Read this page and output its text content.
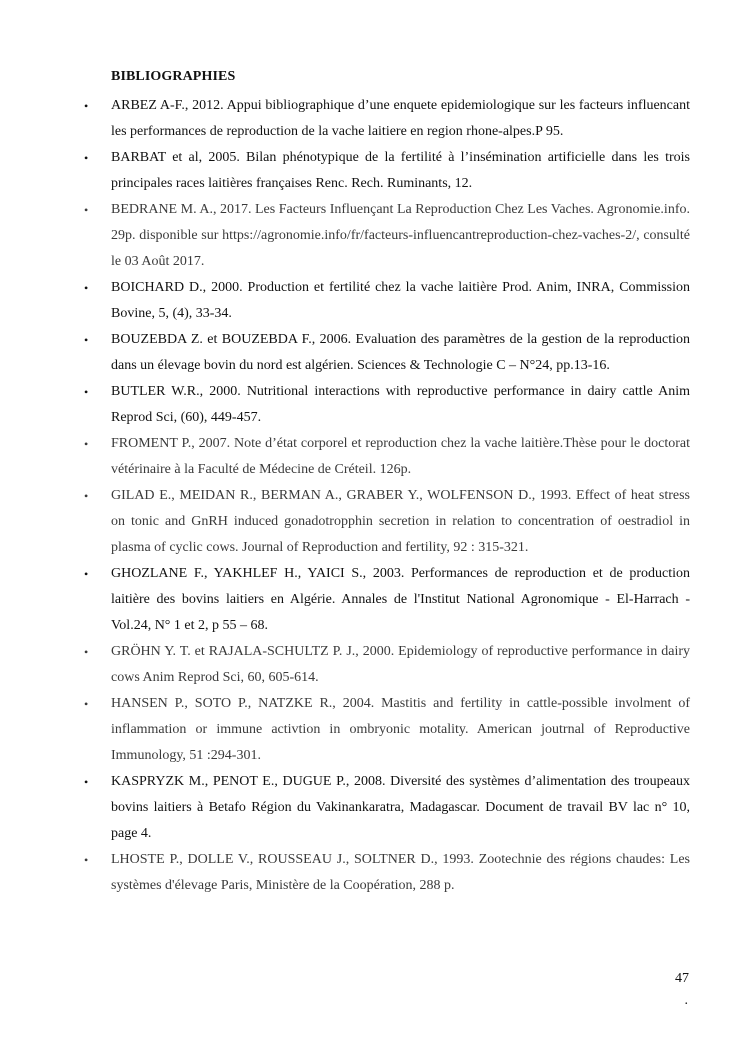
BIBLIOGRAPHIES
• ARBEZ A-F., 2012. Appui bibliographique d’une enquete epidemiologique sur les facteurs influencant les performances de reproduction de la vache laitiere en region rhone-alpes.P 95.
• BARBAT et al, 2005. Bilan phénotypique de la fertilité à l’insémination artificielle dans les trois principales races laitières françaises Renc. Rech. Ruminants, 12.
• BEDRANE M. A., 2017. Les Facteurs Influençant La Reproduction Chez Les Vaches. Agronomie.info. 29p. disponible sur https://agronomie.info/fr/facteurs-influencantreproduction-chez-vaches-2/, consulté le 03 Août 2017.
• BOICHARD D., 2000. Production et fertilité chez la vache laitière Prod. Anim, INRA, Commission Bovine, 5, (4), 33-34.
• BOUZEBDA Z. et BOUZEBDA F., 2006. Evaluation des paramètres de la gestion de la reproduction dans un élevage bovin du nord est algérien. Sciences & Technologie C – N°24, pp.13-16.
• BUTLER W.R., 2000. Nutritional interactions with reproductive performance in dairy cattle Anim Reprod Sci, (60), 449-457.
• FROMENT P., 2007. Note d’état corporel et reproduction chez la vache laitière.Thèse pour le doctorat vétérinaire à la Faculté de Médecine de Créteil. 126p.
• GILAD E., MEIDAN R., BERMAN A., GRABER Y., WOLFENSON D., 1993. Effect of heat stress on tonic and GnRH induced gonadotropphin secretion in relation to concentration of oestradiol in plasma of cyclic cows. Journal of Reproduction and fertility, 92 : 315-321.
• GHOZLANE F., YAKHLEF H., YAICI S., 2003. Performances de reproduction et de production laitière des bovins laitiers en Algérie. Annales de l'Institut National Agronomique - El-Harrach - Vol.24, N° 1 et 2, p 55 – 68.
• GRÖHN Y. T. et RAJALA-SCHULTZ P. J., 2000. Epidemiology of reproductive performance in dairy cows Anim Reprod Sci, 60, 605-614.
• HANSEN P., SOTO P., NATZKE R., 2004. Mastitis and fertility in cattle-possible involment of inflammation or immune activtion in ombryonic motality. American joutrnal of Reproductive Immunology, 51 :294-301.
• KASPRYZK M., PENOT E., DUGUE P., 2008. Diversité des systèmes d’alimentation des troupeaux bovins laitiers à Betafo Région du Vakinankaratra, Madagascar. Document de travail BV lac n° 10, page 4.
• LHOSTE P., DOLLE V., ROUSSEAU J., SOLTNER D., 1993. Zootechnie des régions chaudes: Les systèmes d'élevage Paris, Ministère de la Coopération, 288 p.
47
.
